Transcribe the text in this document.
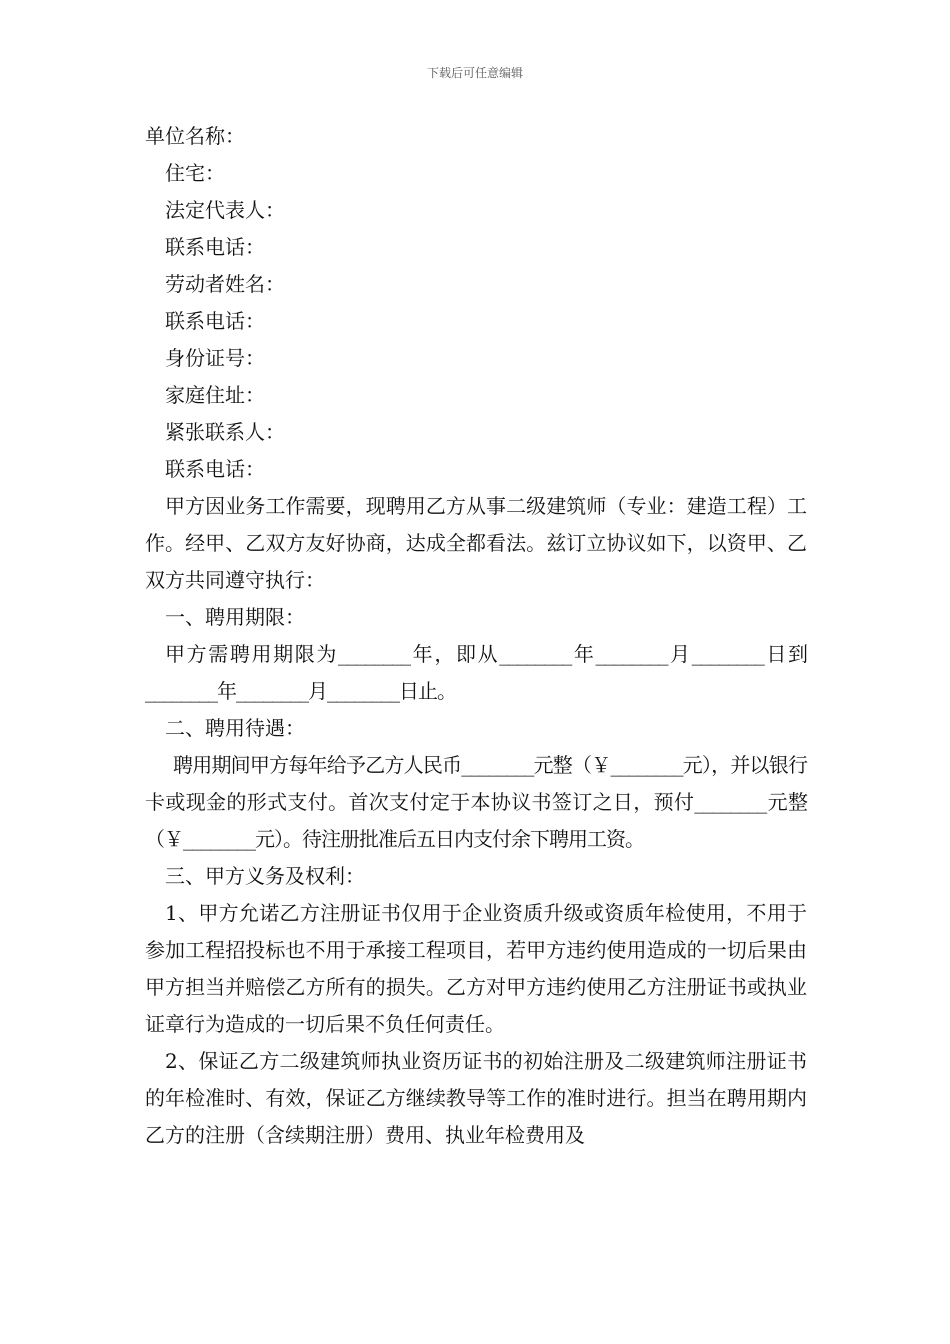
下载后可任意编辑
单位名称：
住宅：
法定代表人：
联系电话：
劳动者姓名：
联系电话：
身份证号：
家庭住址：
紧张联系人：
联系电话：
甲方因业务工作需要，现聘用乙方从事二级建筑师（专业：建造工程）工作。经甲、乙双方友好协商，达成全都看法。兹订立协议如下，以资甲、乙双方共同遵守执行：
一、聘用期限：
甲方需聘用期限为________年，即从________年________月________日到________年________月________日止。
二、聘用待遇：
聘用期间甲方每年给予乙方人民币________元整（￥________元），并以银行卡或现金的形式支付。首次支付定于本协议书签订之日，预付________元整（￥________元）。待注册批准后五日内支付余下聘用工资。
三、甲方义务及权利：
1、甲方允诺乙方注册证书仅用于企业资质升级或资质年检使用，不用于参加工程招投标也不用于承接工程项目，若甲方违约使用造成的一切后果由甲方担当并赔偿乙方所有的损失。乙方对甲方违约使用乙方注册证书或执业证章行为造成的一切后果不负任何责任。
2、保证乙方二级建筑师执业资历证书的初始注册及二级建筑师注册证书的年检准时、有效，保证乙方继续教导等工作的准时进行。担当在聘用期内乙方的注册（含续期注册）费用、执业年检费用及
